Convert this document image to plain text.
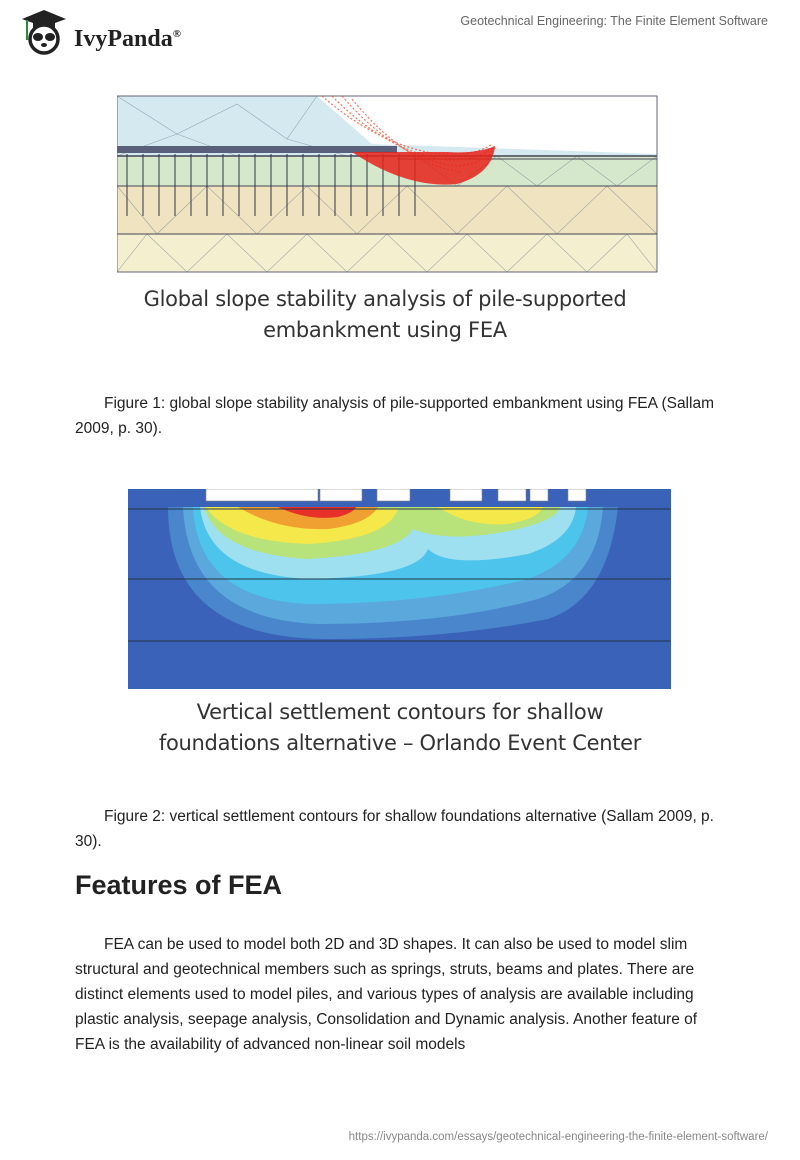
IvyPanda®
Geotechnical Engineering: The Finite Element Software
Global slope stability analysis of pile-supported
embankment using FEA
Figure 1: global slope stability analysis of pile-supported embankment using FEA (Sallam 2009, p. 30).
Vertical settlement contours for shallow
foundations alternative – Orlando Event Center
Figure 2: vertical settlement contours for shallow foundations alternative (Sallam 2009, p. 30).
Features of FEA
FEA can be used to model both 2D and 3D shapes. It can also be used to model slim structural and geotechnical members such as springs, struts, beams and plates. There are distinct elements used to model piles, and various types of analysis are available including plastic analysis, seepage analysis, Consolidation and Dynamic analysis. Another feature of FEA is the availability of advanced non-linear soil models
https://ivypanda.com/essays/geotechnical-engineering-the-finite-element-software/
